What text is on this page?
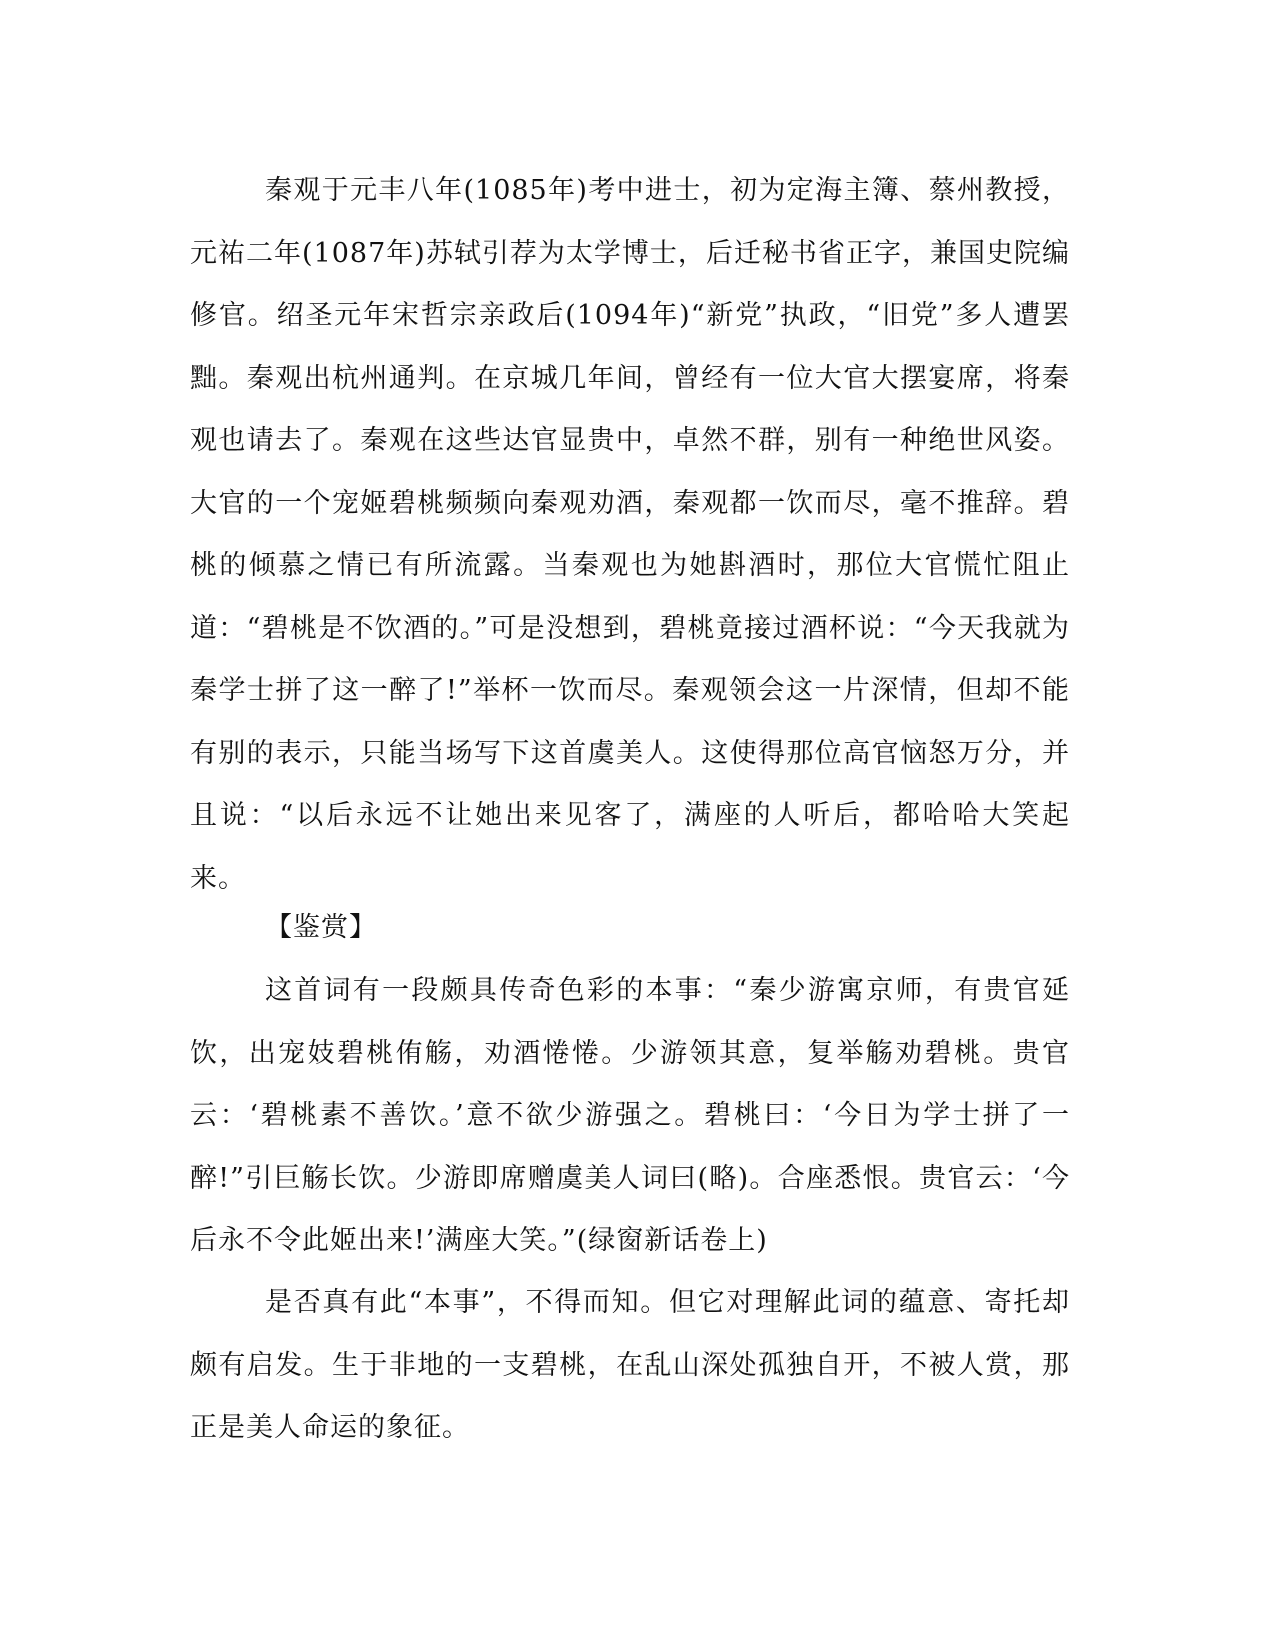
秦观于元丰八年(1085年)考中进士，初为定海主簿、蔡州教授，元祐二年(1087年)苏轼引荐为太学博士，后迁秘书省正字，兼国史院编修官。绍圣元年宋哲宗亲政后(1094年)“新党”执政，“旧党”多人遭罢黜。秦观出杭州通判。在京城几年间，曾经有一位大官大摆宴席，将秦观也请去了。秦观在这些达官显贵中，卓然不群，别有一种绝世风姿。大官的一个宠姬碧桃频频向秦观劝酒，秦观都一饮而尽，毫不推辞。碧桃的倾慕之情已有所流露。当秦观也为她斟酒时，那位大官慌忙阻止道：“碧桃是不饮酒的。”可是没想到，碧桃竟接过酒杯说：“今天我就为秦学士拼了这一醉了!”举杯一饮而尽。秦观领会这一片深情，但却不能有别的表示，只能当场写下这首虞美人。这使得那位高官恼怒万分，并且说：“以后永远不让她出来见客了，满座的人听后，都哈哈大笑起来。

【鉴赏】

这首词有一段颇具传奇色彩的本事：“秦少游寓京师，有贵官延饮，出宠妓碧桃侑觞，劝酒惓惓。少游领其意，复举觞劝碧桃。贵官云：‘碧桃素不善饮。’意不欲少游强之。碧桃曰：‘今日为学士拼了一醉!”引巨觞长饮。少游即席赠虞美人词曰(略)。合座悉恨。贵官云：‘今后永不令此姬出来!’满座大笑。”(绿窗新话卷上)

是否真有此“本事”，不得而知。但它对理解此词的蕴意、寄托却颇有启发。生于非地的一支碧桃，在乱山深处孤独自开，不被人赏，那正是美人命运的象征。
